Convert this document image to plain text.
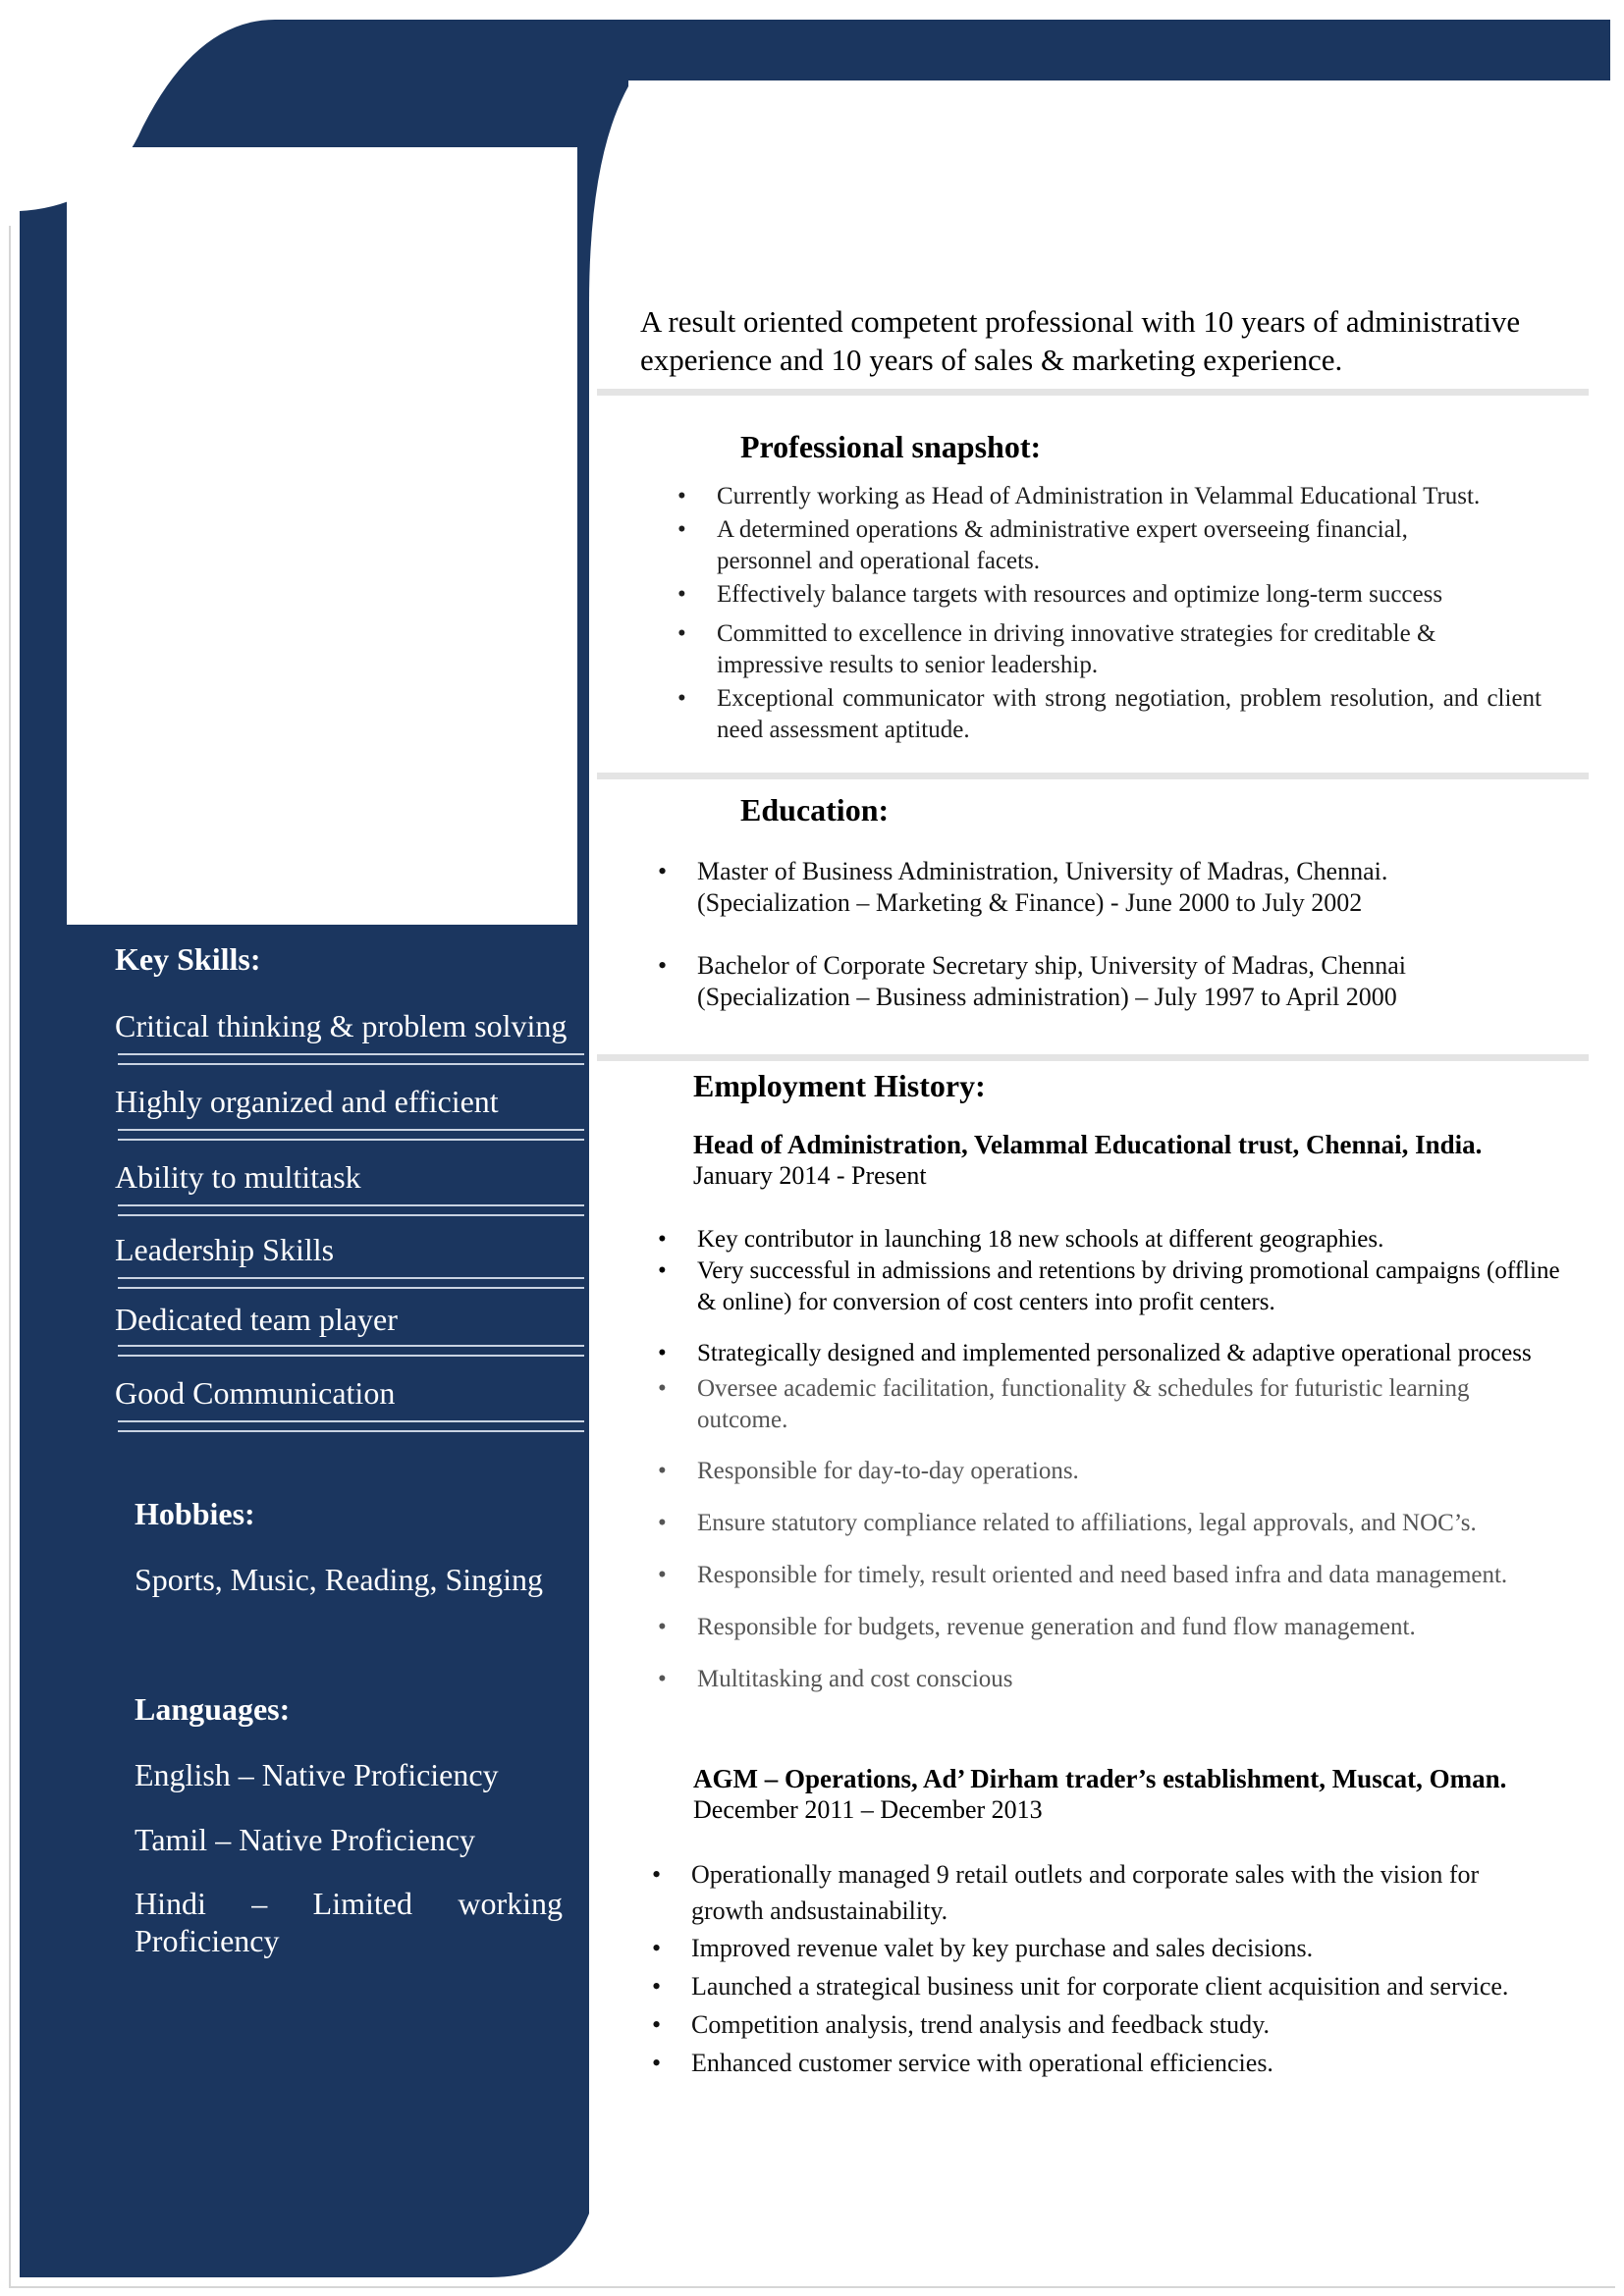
A result oriented competent professional with 10 years of administrative experience and 10 years of sales & marketing experience.
Professional snapshot:
• Currently working as Head of Administration in Velammal Educational Trust.
• A determined operations & administrative expert overseeing financial, personnel and operational facets.
• Effectively balance targets with resources and optimize long-term success
• Committed to excellence in driving innovative strategies for creditable & impressive results to senior leadership.
• Exceptional communicator with strong negotiation, problem resolution, and client need assessment aptitude.
Education:
• Master of Business Administration, University of Madras, Chennai. (Specialization – Marketing & Finance) - June 2000 to July 2002
• Bachelor of Corporate Secretary ship, University of Madras, Chennai (Specialization – Business administration) – July 1997 to April 2000
Employment History:
Head of Administration, Velammal Educational trust, Chennai, India.
January 2014 - Present
• Key contributor in launching 18 new schools at different geographies.
• Very successful in admissions and retentions by driving promotional campaigns (offline & online) for conversion of cost centers into profit centers.
• Strategically designed and implemented personalized & adaptive operational process
• Oversee academic facilitation, functionality & schedules for futuristic learning outcome.
• Responsible for day-to-day operations.
• Ensure statutory compliance related to affiliations, legal approvals, and NOC’s.
• Responsible for timely, result oriented and need based infra and data management.
• Responsible for budgets, revenue generation and fund flow management.
• Multitasking and cost conscious
AGM – Operations, Ad’ Dirham trader’s establishment, Muscat, Oman.
December 2011 – December 2013
• Operationally managed 9 retail outlets and corporate sales with the vision for growth andsustainability.
• Improved revenue valet by key purchase and sales decisions.
• Launched a strategical business unit for corporate client acquisition and service.
• Competition analysis, trend analysis and feedback study.
• Enhanced customer service with operational efficiencies.
Key Skills:
Critical thinking & problem solving
Highly organized and efficient
Ability to multitask
Leadership Skills
Dedicated team player
Good Communication
Hobbies:
Sports, Music, Reading, Singing
Languages:
English – Native Proficiency
Tamil – Native Proficiency
Hindi – Limited working Proficiency
